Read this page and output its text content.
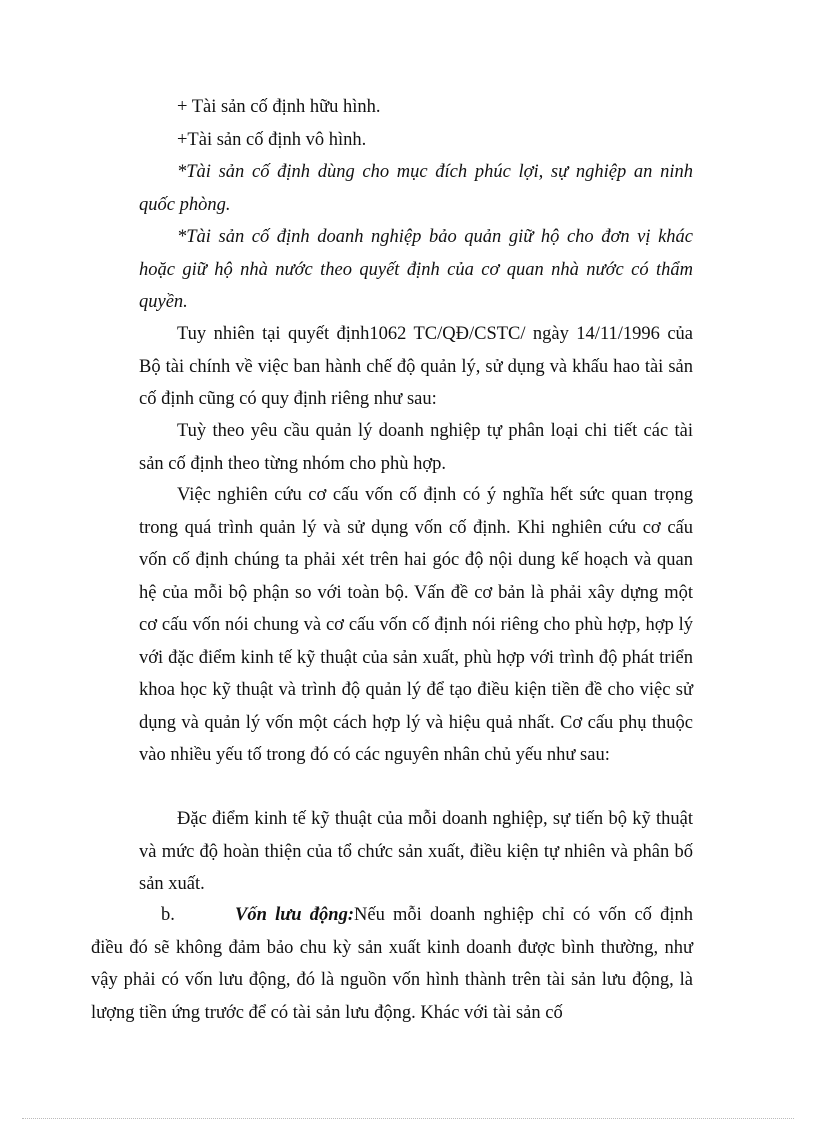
+ Tài sản cố định hữu hình.

+Tài sản cố định vô hình.

*Tài sản cố định dùng cho mục đích phúc lợi, sự nghiệp an ninh quốc phòng.

*Tài sản cố định doanh nghiệp bảo quản giữ hộ cho đơn vị khác hoặc giữ hộ nhà nước theo quyết định của cơ quan nhà nước có thẩm quyền.

Tuy nhiên tại quyết định1062 TC/QĐ/CSTC/ ngày 14/11/1996 của Bộ tài chính về việc ban hành chế độ quản lý, sử dụng và khấu hao tài sản cố định cũng có quy định riêng như sau:

Tuỳ theo yêu cầu quản lý doanh nghiệp tự phân loại chi tiết các tài sản cố định theo từng nhóm cho phù hợp.

Việc nghiên cứu cơ cấu vốn cố định có ý nghĩa hết sức quan trọng trong quá trình quản lý và sử dụng vốn cố định. Khi nghiên cứu cơ cấu vốn cố định chúng ta phải xét trên hai góc độ nội dung kế hoạch và quan hệ của mỗi bộ phận so với toàn bộ. Vấn đề cơ bản là phải xây dựng một cơ cấu vốn nói chung và cơ cấu vốn cố định nói riêng cho phù hợp, hợp lý với đặc điểm kinh tế kỹ thuật của sản xuất, phù hợp với trình độ phát triển khoa học kỹ thuật và trình độ quản lý để tạo điều kiện tiền đề cho việc sử dụng và quản lý vốn một cách hợp lý và hiệu quả nhất. Cơ cấu phụ thuộc vào nhiều yếu tố trong đó có các nguyên nhân chủ yếu như sau:

Đặc điểm kinh tế kỹ thuật của mỗi doanh nghiệp, sự tiến bộ kỹ thuật và mức độ hoàn thiện của tổ chức sản xuất, điều kiện tự nhiên và phân bố sản xuất.

b.	Vốn lưu động:Nếu mỗi doanh nghiệp chỉ có vốn cố định điều đó sẽ không đảm bảo chu kỳ sản xuất kinh doanh được bình thường, như vậy phải có vốn lưu động, đó là nguồn vốn hình thành trên tài sản lưu động, là lượng tiền ứng trước để có tài sản lưu động. Khác với tài sản cố
